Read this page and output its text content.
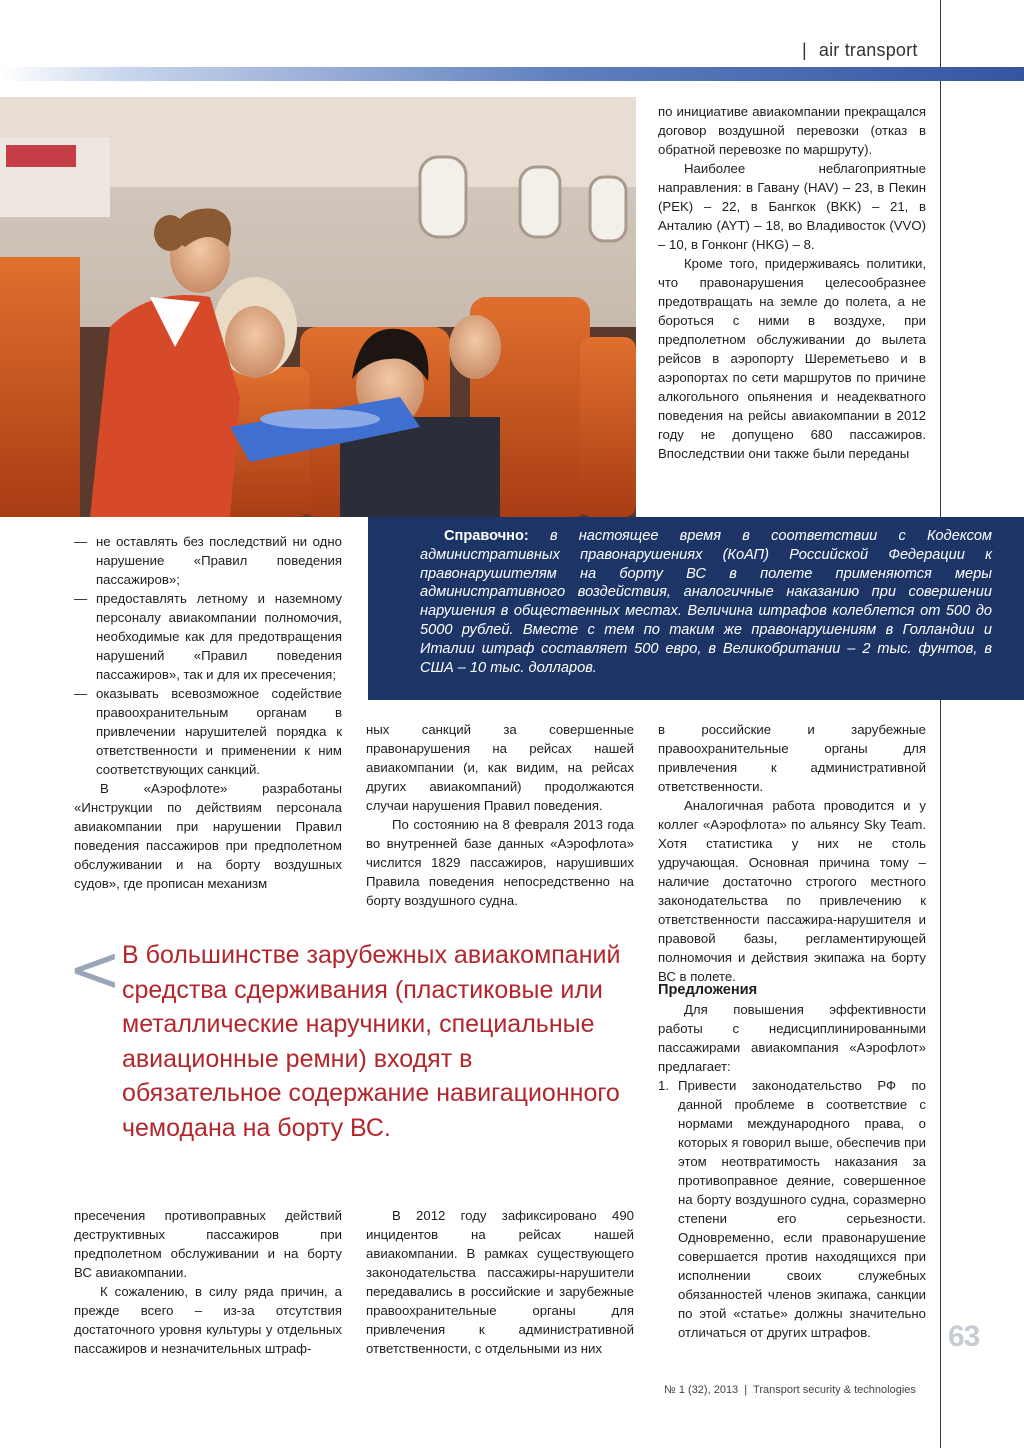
| air transport

по инициативе авиакомпании прекращался договор воздушной перевозки (отказ в обратной перевозке по маршруту).

Наиболее неблагоприятные направления: в Гавану (HAV) – 23, в Пекин (PEK) – 22, в Бангкок (BKK) – 21, в Анталию (AYT) – 18, во Владивосток (VVO) – 10, в Гонконг (HKG) – 8.

Кроме того, придерживаясь политики, что правонарушения целесообразнее предотвращать на земле до полета, а не бороться с ними в воздухе, при предполетном обслуживании до вылета рейсов в аэропорту Шереметьево и в аэропортах по сети маршрутов по причине алкогольного опьянения и неадекватного поведения на рейсы авиакомпании в 2012 году не допущено 680 пассажиров. Впоследствии они также были переданы

— не оставлять без последствий ни одно нарушение «Правил поведения пассажиров»;
— предоставлять летному и наземному персоналу авиакомпании полномочия, необходимые как для предотвращения нарушений «Правил поведения пассажиров», так и для их пресечения;
— оказывать всевозможное содействие правоохранительным органам в привлечении нарушителей порядка к ответственности и применении к ним соответствующих санкций.

В «Аэрофлоте» разработаны «Инструкции по действиям персонала авиакомпании при нарушении Правил поведения пассажиров при предполетном обслуживании и на борту воздушных судов», где прописан механизм

Справочно: в настоящее время в соответствии с Кодексом административных правонарушениях (КоАП) Российской Федерации к правонарушителям на борту ВС в полете применяются меры административного воздействия, аналогичные наказанию при совершении нарушения в общественных местах. Величина штрафов колеблется от 500 до 5000 рублей. Вместе с тем по таким же правонарушениям в Голландии и Италии штраф составляет 500 евро, в Великобритании – 2 тыс. фунтов, в США – 10 тыс. долларов.

ных санкций за совершенные правонарушения на рейсах нашей авиакомпании (и, как видим, на рейсах других авиакомпаний) продолжаются случаи нарушения Правил поведения.

По состоянию на 8 февраля 2013 года во внутренней базе данных «Аэрофлота» числится 1829 пассажиров, нарушивших Правила поведения непосредственно на борту воздушного судна.

в российские и зарубежные правоохранительные органы для привлечения к административной ответственности.

Аналогичная работа проводится и у коллег «Аэрофлота» по альянсу Sky Team. Хотя статистика у них не столь удручающая. Основная причина тому – наличие достаточно строгого местного законодательства по привлечению к ответственности пассажира-нарушителя и правовой базы, регламентирующей полномочия и действия экипажа на борту ВС в полете.

< В большинстве зарубежных авиакомпаний средства сдерживания (пластиковые или металлические наручники, специальные авиационные ремни) входят в обязательное содержание навигационного чемодана на борту ВС.

Предложения

Для повышения эффективности работы с недисциплинированными пассажирами авиакомпания «Аэрофлот» предлагает:

1. Привести законодательство РФ по данной проблеме в соответствие с нормами международного права, о которых я говорил выше, обеспечив при этом неотвратимость наказания за противоправное деяние, совершенное на борту воздушного судна, соразмерно степени его серьезности. Одновременно, если правонарушение совершается против находящихся при исполнении своих служебных обязанностей членов экипажа, санкции по этой «статье» должны значительно отличаться от других штрафов.

пресечения противоправных действий деструктивных пассажиров при предполетном обслуживании и на борту ВС авиакомпании.

К сожалению, в силу ряда причин, а прежде всего – из-за отсутствия достаточного уровня культуры у отдельных пассажиров и незначительных штраф-

В 2012 году зафиксировано 490 инцидентов на рейсах нашей авиакомпании. В рамках существующего законодательства пассажиры-нарушители передавались в российские и зарубежные правоохранительные органы для привлечения к административной ответственности, с отдельными из них	63
№ 1 (32), 2013 | Transport security & technologies
